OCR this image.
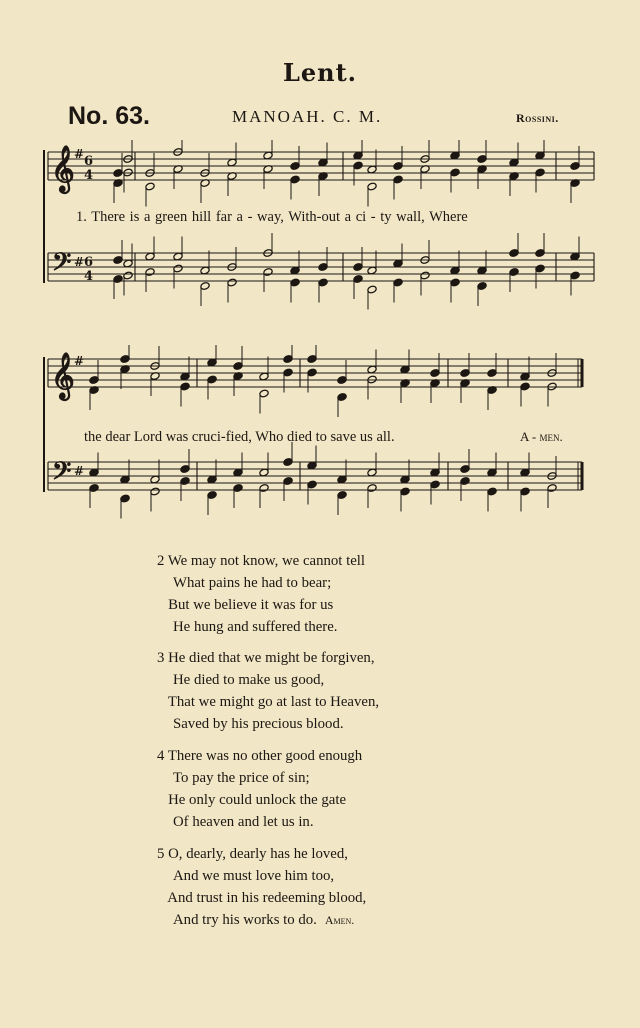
Lent.
No. 63.	MANOAH. C. M.	Rossini.
𝄞
𝄢
#
#
6
4
6
4
1. There is a green hill far a - way, With-out a ci - ty wall, Where
𝄞
𝄢
#
#
the dear Lord was cruci-fied, Who died to save us all.	A - men.
2 We may not know, we cannot tell
What pains he had to bear;
But we believe it was for us
He hung and suffered there.
3 He died that we might be forgiven,
He died to make us good,
That we might go at last to Heaven,
Saved by his precious blood.
4 There was no other good enough
To pay the price of sin;
He only could unlock the gate
Of heaven and let us in.
5 O, dearly, dearly has he loved,
And we must love him too,
And trust in his redeeming blood,
And try his works to do. Amen.
